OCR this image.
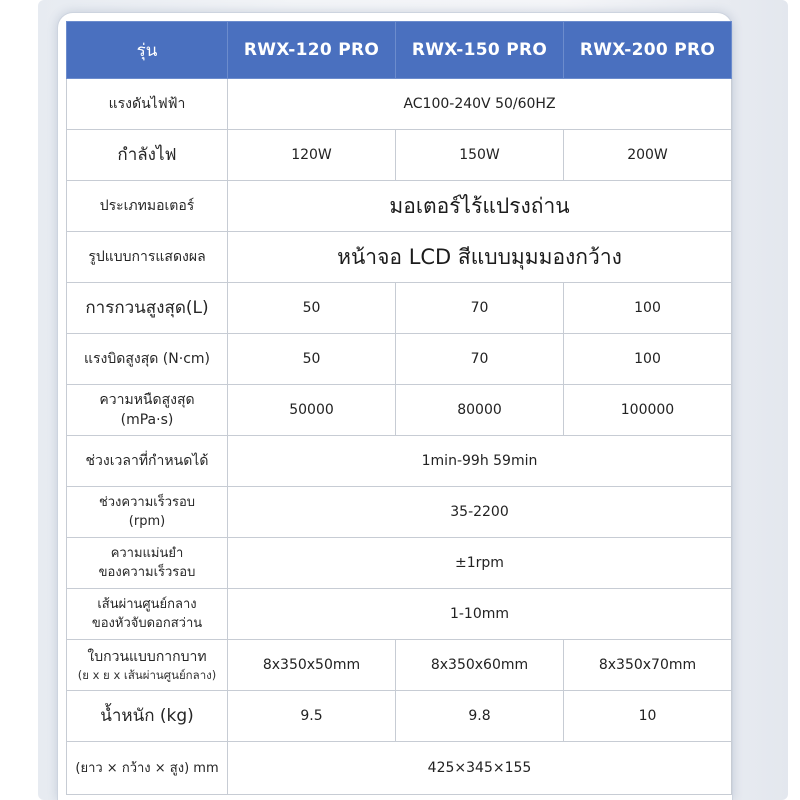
รุ่น	RWX-120 PRO	RWX-150 PRO	RWX-200 PRO
แรงดันไฟฟ้า	AC100-240V 50/60HZ		
กำลังไฟ	120W	150W	200W
ประเภทมอเตอร์	มอเตอร์ไร้แปรงถ่าน		
รูปแบบการแสดงผล	หน้าจอ LCD สีแบบมุมมองกว้าง		
การกวนสูงสุด(L)	50	70	100
แรงบิดสูงสุด (N·cm)	50	70	100

ความหนืดสูงสุด
(mPa·s)	50000	80000	100000
ช่วงเวลาที่กำหนดได้	1min-99h 59min		

ช่วงความเร็วรอบ
(rpm)	35-2200		

ความแม่นยำ
ของความเร็วรอบ	±1rpm		

เส้นผ่านศูนย์กลาง
ของหัวจับดอกสว่าน	1-10mm		

ใบกวนแบบกากบาท
(ย x ย x เส้นผ่านศูนย์กลาง)	8x350x50mm	8x350x60mm	8x350x70mm
น้ำหนัก (kg)	9.5	9.8	10
(ยาว × กว้าง × สูง) mm	425×345×155		
